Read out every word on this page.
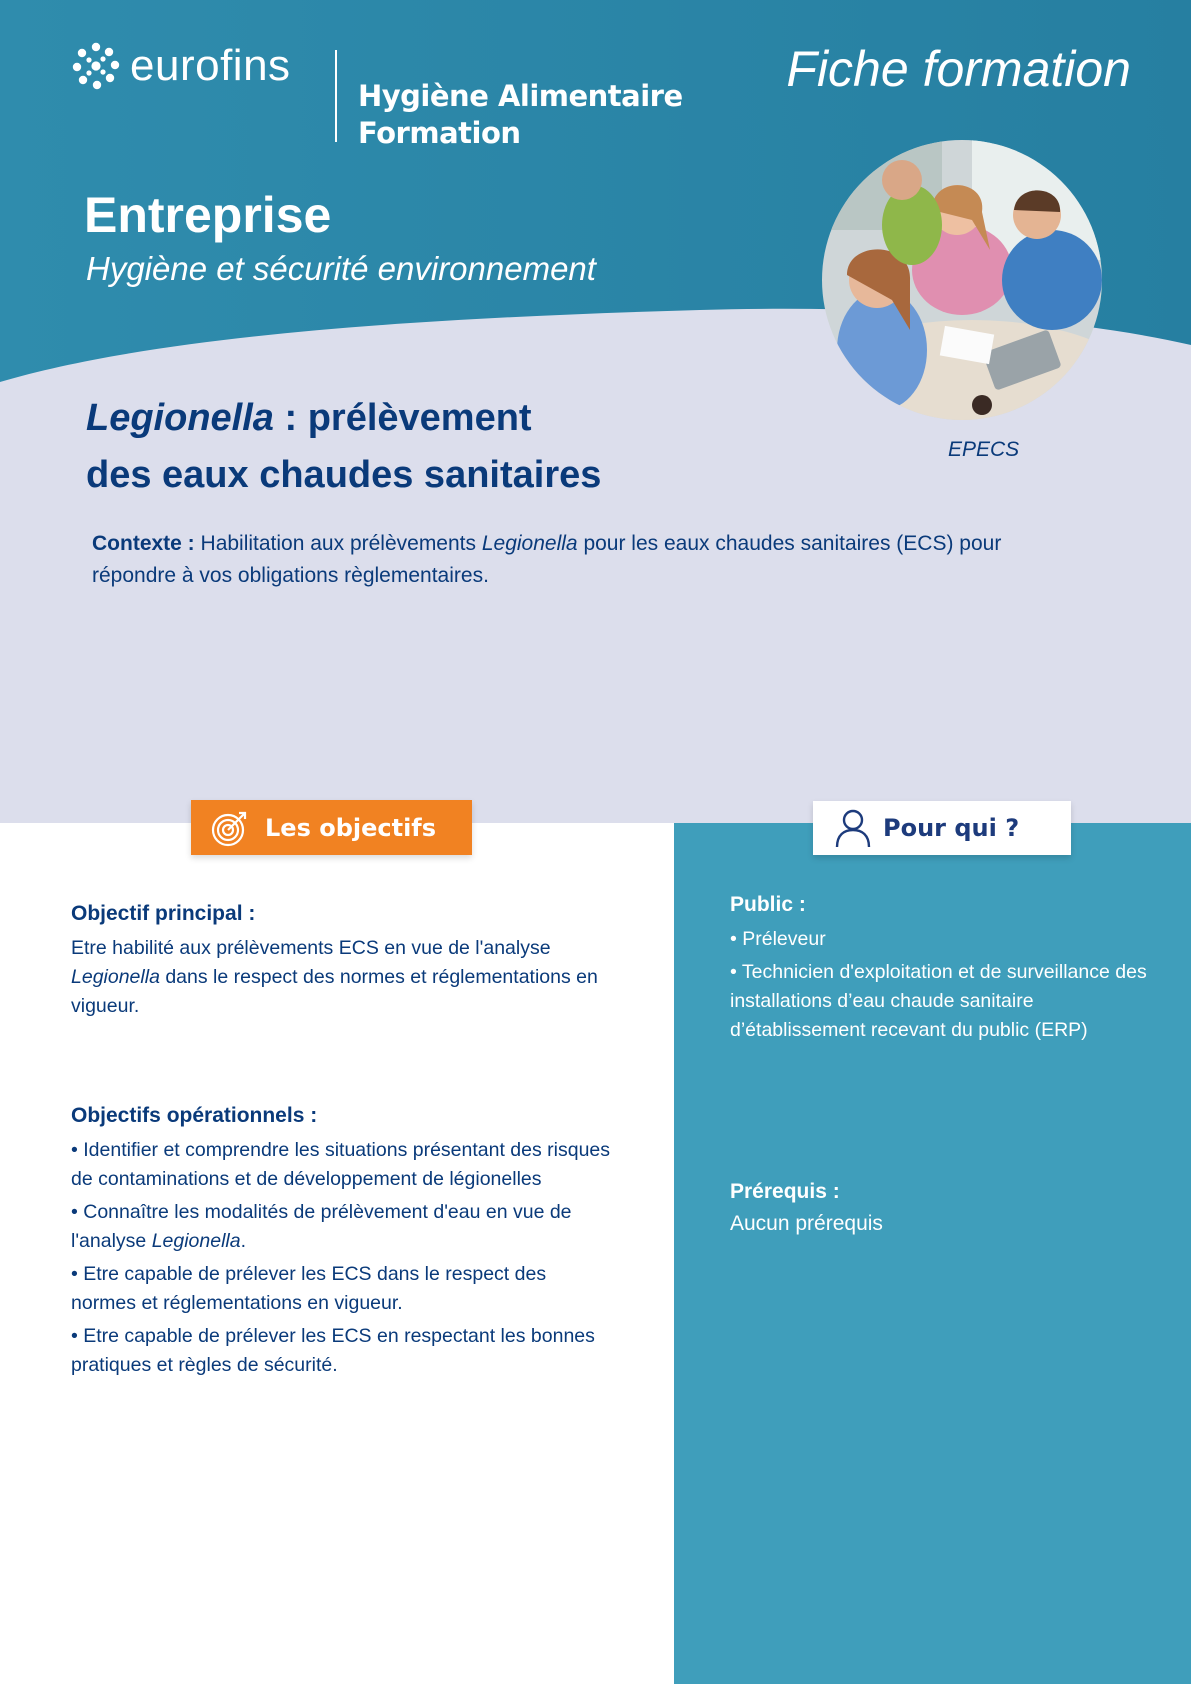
eurofins
Hygiène Alimentaire
Formation
Fiche formation
Entreprise
Hygiène et sécurité environnement
EPECS
Legionella : prélèvement
des eaux chaudes sanitaires
Contexte : Habilitation aux prélèvements Legionella pour les eaux chaudes sanitaires (ECS) pour répondre à vos obligations règlementaires.
Les objectifs	Pour qui ?
Objectif principal :
Etre habilité aux prélèvements ECS en vue de l'analyse Legionella dans le respect des normes et réglementations en vigueur.
Objectifs opérationnels :
• Identifier et comprendre les situations présentant des risques de contaminations et de développement de légionelles
• Connaître les modalités de prélèvement d'eau en vue de l'analyse Legionella.
• Etre capable de prélever les ECS dans le respect des normes et réglementations en vigueur.
• Etre capable de prélever les ECS en respectant les bonnes pratiques et règles de sécurité.
Public :
• Préleveur
• Technicien d'exploitation et de surveillance des installations d’eau chaude sanitaire d’établissement recevant du public (ERP)
Prérequis :
Aucun prérequis
